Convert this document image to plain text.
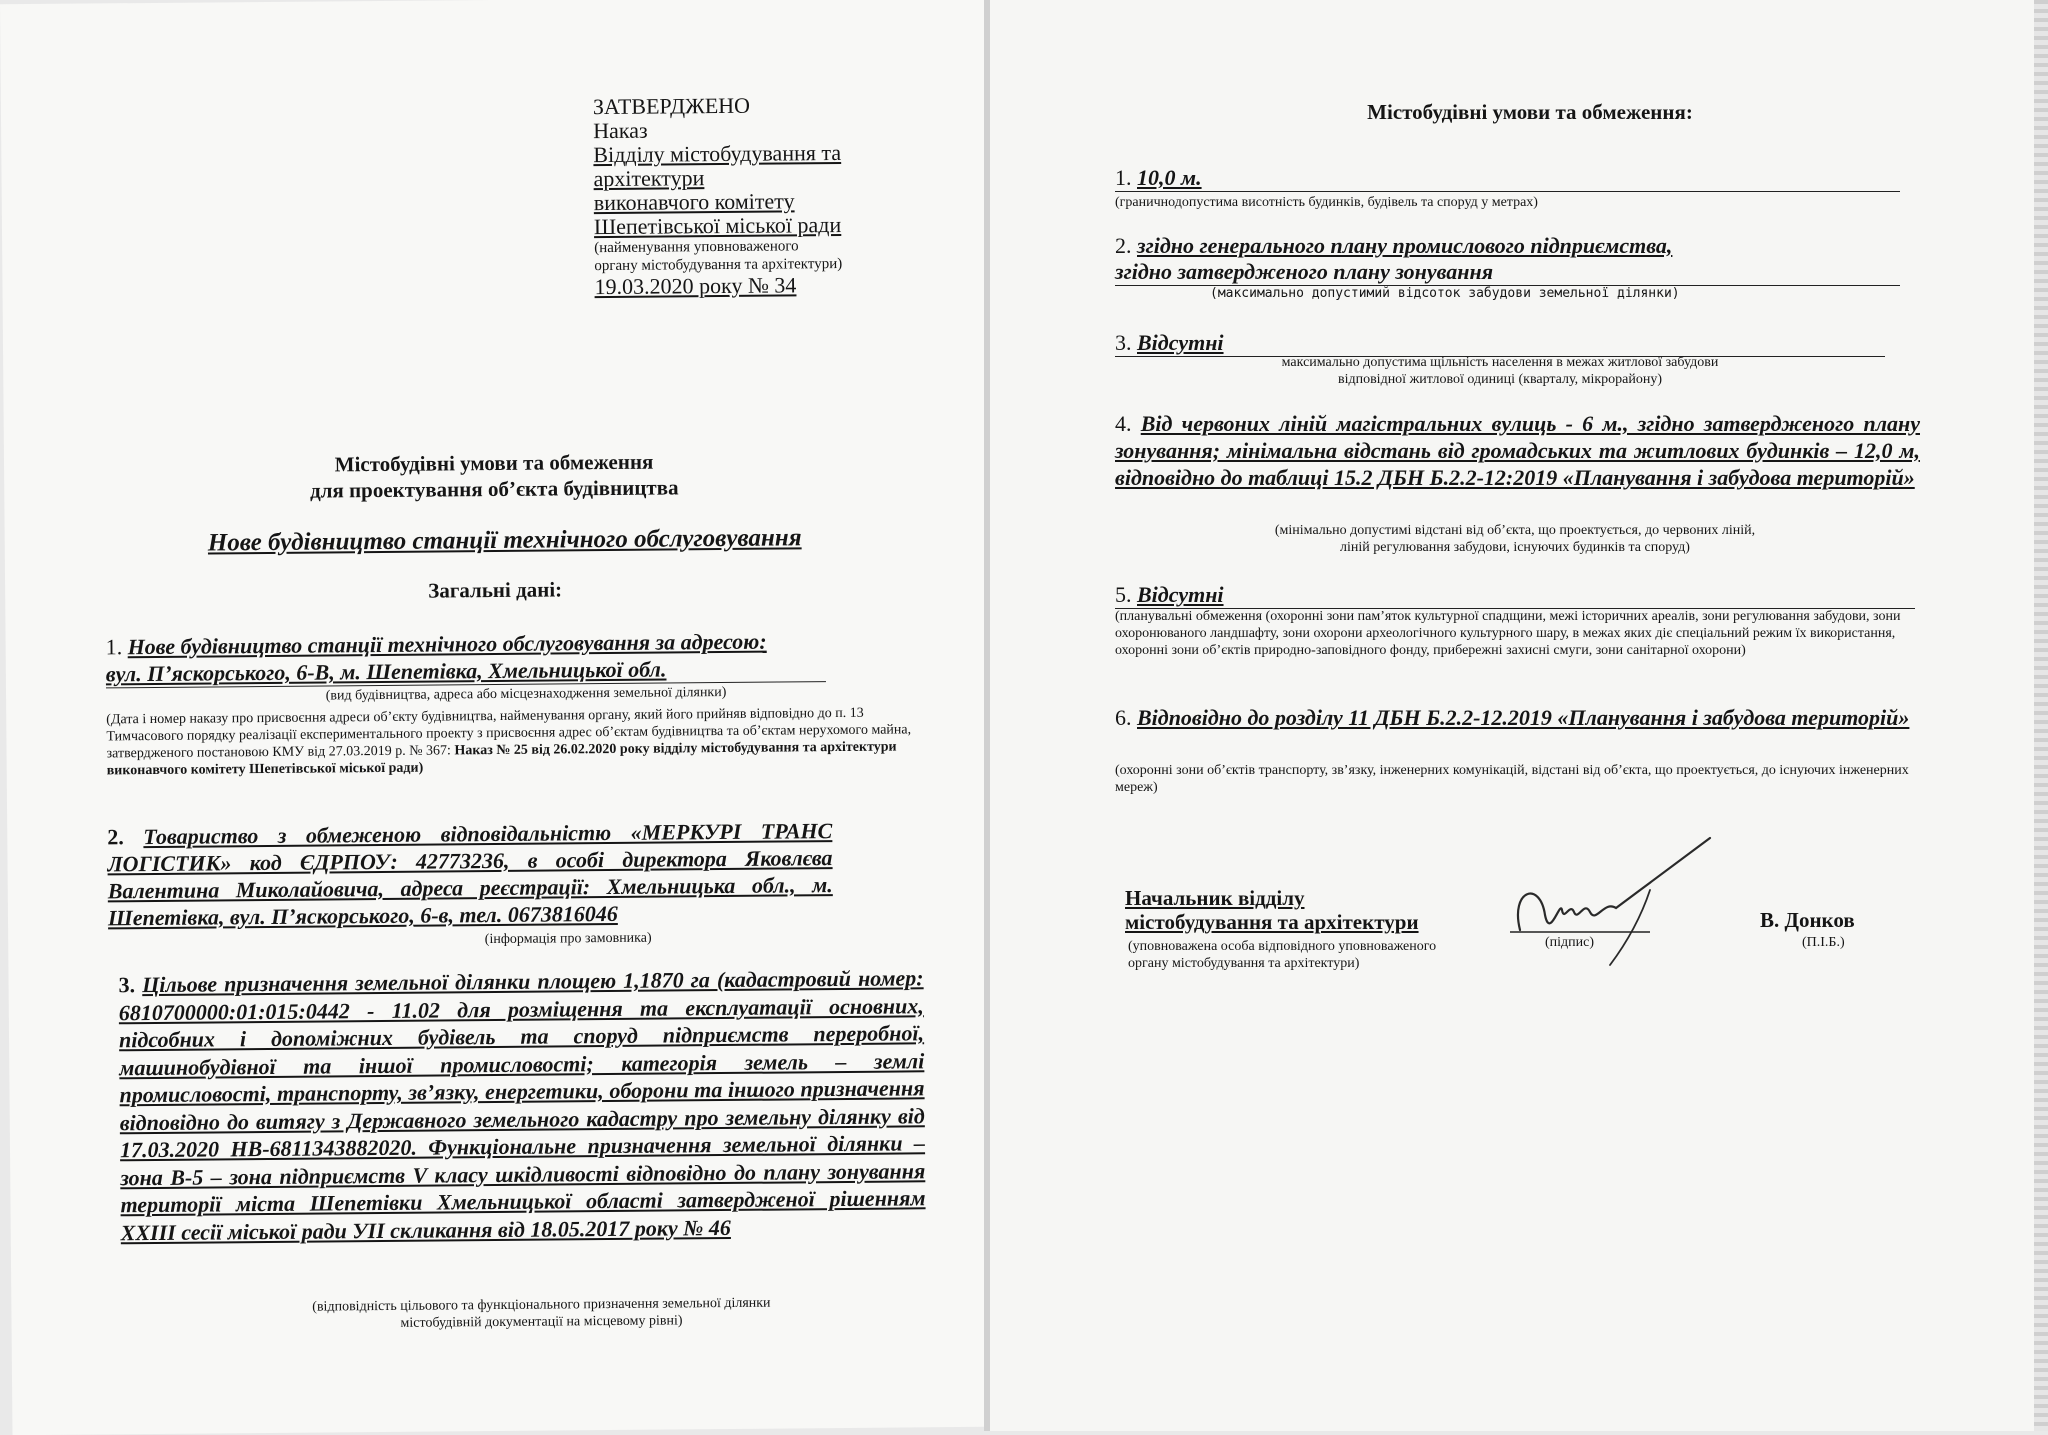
ЗАТВЕРДЖЕНО
Наказ
Відділу містобудування та
архітектури
виконавчого комітету
Шепетівської міської ради
(найменування уповноваженого
органу містобудування та архітектури)
19.03.2020 року № 34
Містобудівні умови та обмеження
для проектування об’єкта будівництва
Нове будівництво станції технічного обслуговування
Загальні дані:
1. Нове будівництво станції технічного обслуговування за адресою:
вул. П’яскорського, 6-В, м. Шепетівка, Хмельницької обл.
(вид будівництва, адреса або місцезнаходження земельної ділянки)
(Дата і номер наказу про присвоєння адреси об’єкту будівництва, найменування органу, який його прийняв відповідно до п. 13 Тимчасового порядку реалізації експериментального проекту з присвоєння адрес об’єктам будівництва та об’єктам нерухомого майна, затвердженого постановою КМУ від 27.03.2019 р. № 367: Наказ № 25 від 26.02.2020 року відділу містобудування та архітектури виконавчого комітету Шепетівської міської ради)
2. Товариство з обмеженою відповідальністю «МЕРКУРІ ТРАНС ЛОГІСТИК» код ЄДРПОУ: 42773236, в особі директора Яковлєва Валентина Миколайовича, адреса реєстрації: Хмельницька обл., м. Шепетівка, вул. П’яскорського, 6-в, тел. 0673816046
(інформація про замовника)
3. Цільове призначення земельної ділянки площею 1,1870 га (кадастровий номер: 6810700000:01:015:0442 - 11.02 для розміщення та експлуатації основних, підсобних і допоміжних будівель та споруд підприємств переробної, машинобудівної та іншої промисловості; категорія земель – землі промисловості, транспорту, зв’язку, енергетики, оборони та іншого призначення відповідно до витягу з Державного земельного кадастру про земельну ділянку від 17.03.2020 НВ-6811343882020. Функціональне призначення земельної ділянки – зона В-5 – зона підприємств V класу шкідливості відповідно до плану зонування території міста Шепетівки Хмельницької області затвердженої рішенням XXIII сесії міської ради УІІ скликання від 18.05.2017 року № 46
(відповідність цільового та функціонального призначення земельної ділянки
містобудівній документації на місцевому рівні)
Містобудівні умови та обмеження:
1. 10,0 м.
(граничнодопустима висотність будинків, будівель та споруд у метрах)
2. згідно генерального плану промислового підприємства,
згідно затвердженого плану зонування
(максимально допустимий відсоток забудови земельної ділянки)
3. Відсутні
максимально допустима щільність населення в межах житлової забудови
відповідної житлової одиниці (кварталу, мікрорайону)
4. Від червоних ліній магістральних вулиць - 6 м., згідно затвердженого плану зонування; мінімальна відстань від громадських та житлових будинків – 12,0 м, відповідно до таблиці 15.2 ДБН Б.2.2-12:2019 «Планування і забудова територій»
(мінімально допустимі відстані від об’єкта, що проектується, до червоних ліній,
ліній регулювання забудови, існуючих будинків та споруд)
5. Відсутні
(планувальні обмеження (охоронні зони пам’яток культурної спадщини, межі історичних ареалів, зони регулювання забудови, зони охоронюваного ландшафту, зони охорони археологічного культурного шару, в межах яких діє спеціальний режим їх використання, охоронні зони об’єктів природно-заповідного фонду, прибережні захисні смуги, зони санітарної охорони)
6. Відповідно до розділу 11 ДБН Б.2.2-12.2019 «Планування і забудова територій»
(охоронні зони об’єктів транспорту, зв’язку, інженерних комунікацій, відстані від об’єкта, що проектується, до існуючих інженерних мереж)
Начальник відділу
містобудування та архітектури
(уповноважена особа відповідного уповноваженого органу містобудування та архітектури)
(підпис)
В. Донков
(П.І.Б.)
